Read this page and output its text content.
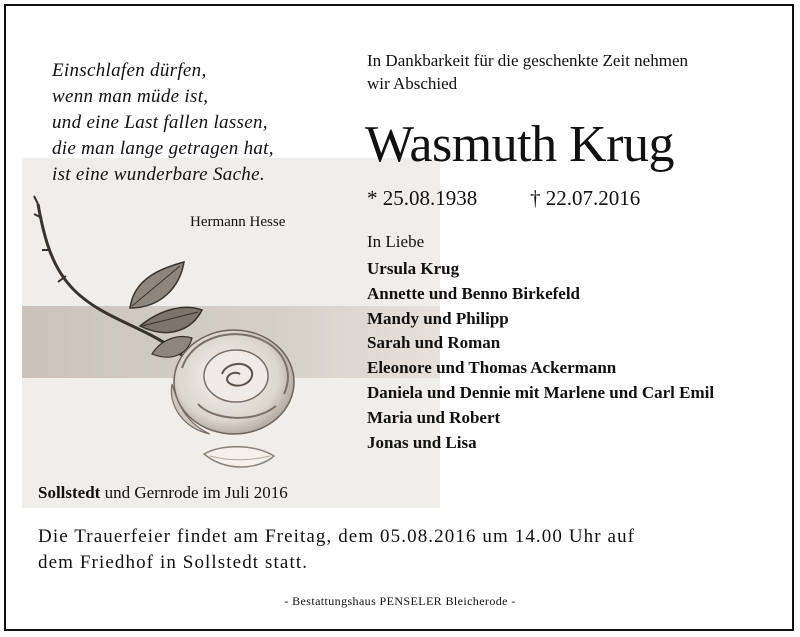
Einschlafen dürfen,
wenn man müde ist,
und eine Last fallen lassen,
die man lange getragen hat,
ist eine wunderbare Sache.
Hermann Hesse
Sollstedt und Gernrode im Juli 2016
In Dankbarkeit für die geschenkte Zeit nehmen
wir Abschied
Wasmuth Krug
* 25.08.1938	† 22.07.2016
In Liebe
Ursula Krug
Annette und Benno Birkefeld
Mandy und Philipp
Sarah und Roman
Eleonore und Thomas Ackermann
Daniela und Dennie mit Marlene und Carl Emil
Maria und Robert
Jonas und Lisa
Die Trauerfeier findet am Freitag, dem 05.08.2016 um 14.00 Uhr auf
dem Friedhof in Sollstedt statt.
- Bestattungshaus PENSELER Bleicherode -
